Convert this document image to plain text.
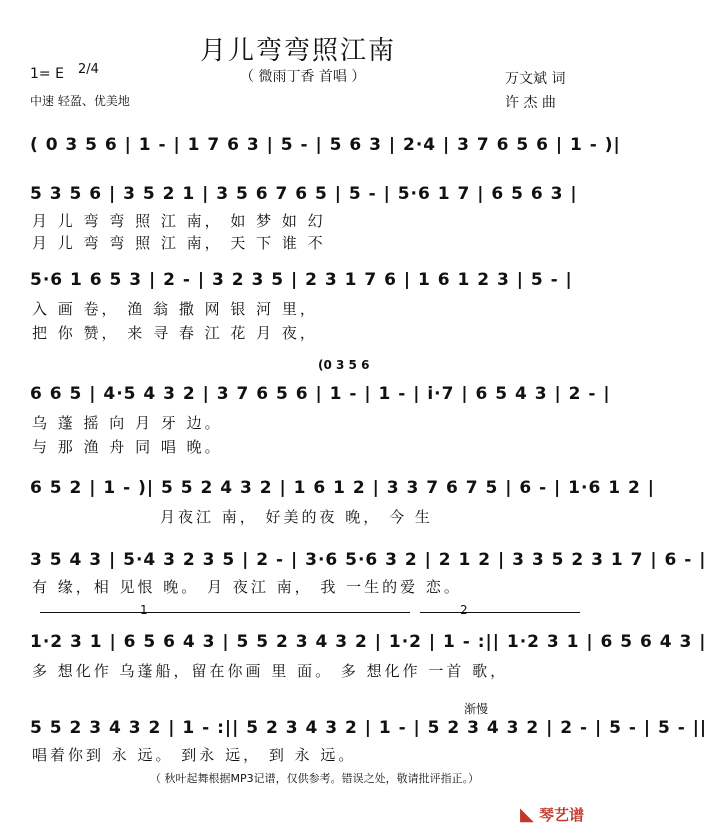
月儿弯弯照江南
（ 微雨丁香 首唱 ）
1= E 2/4
中速 轻盈、优美地
万文斌 词
许 杰 曲
( 0 3 5 6 | 1 - | 1 7 6 3 | 5 - | 5 6 3 | 2·4 | 3 7 6 5 6 | 1 - )|
5 3 5 6 | 3 5 2 1 | 3 5 6 7 6 5 | 5 - | 5·6 1 7 | 6 5 6 3 |
月 儿 弯 弯 照 江 南， 如 梦 如 幻
月 儿 弯 弯 照 江 南， 天 下 谁 不
5·6 1 6 5 3 | 2 - | 3 2 3 5 | 2 3 1 7 6 | 1 6 1 2 3 | 5 - |
入 画 卷， 渔 翁 撒 网 银 河 里，
把 你 赞， 来 寻 春 江 花 月 夜，
(0 3 5 6
6 6 5 | 4·5 4 3 2 | 3 7 6 5 6 | 1 - | 1 - | i·7 | 6 5 4 3 | 2 - |
乌 蓬 摇 向 月 牙 边。
与 那 渔 舟 同 唱 晚。
6 5 2 | 1 - )| 5 5 2 4 3 2 | 1 6 1 2 | 3 3 7 6 7 5 | 6 - | 1·6 1 2 |
月夜江 南， 好美的夜 晚， 今 生
3 5 4 3 | 5·4 3 2 3 5 | 2 - | 3·6 5·6 3 2 | 2 1 2 | 3 3 5 2 3 1 7 | 6 - |
有 缘，相 见恨 晚。 月 夜江 南， 我 一生的爱 恋。
1	2
1·2 3 1 | 6 5 6 4 3 | 5 5 2 3 4 3 2 | 1·2 | 1 - :|| 1·2 3 1 | 6 5 6 4 3 |
多 想化作 乌蓬船，留在你画 里 面。 多 想化作 一首 歌，
渐慢
5 5 2 3 4 3 2 | 1 - :|| 5 2 3 4 3 2 | 1 - | 5 2 3 4 3 2 | 2 - | 5 - | 5 - ||
唱着你到 永 远。 到永 远， 到 永 远。
（ 秋叶起舞根据MP3记谱，仅供参考。错误之处，敬请批评指正。）
◣ 琴艺谱
